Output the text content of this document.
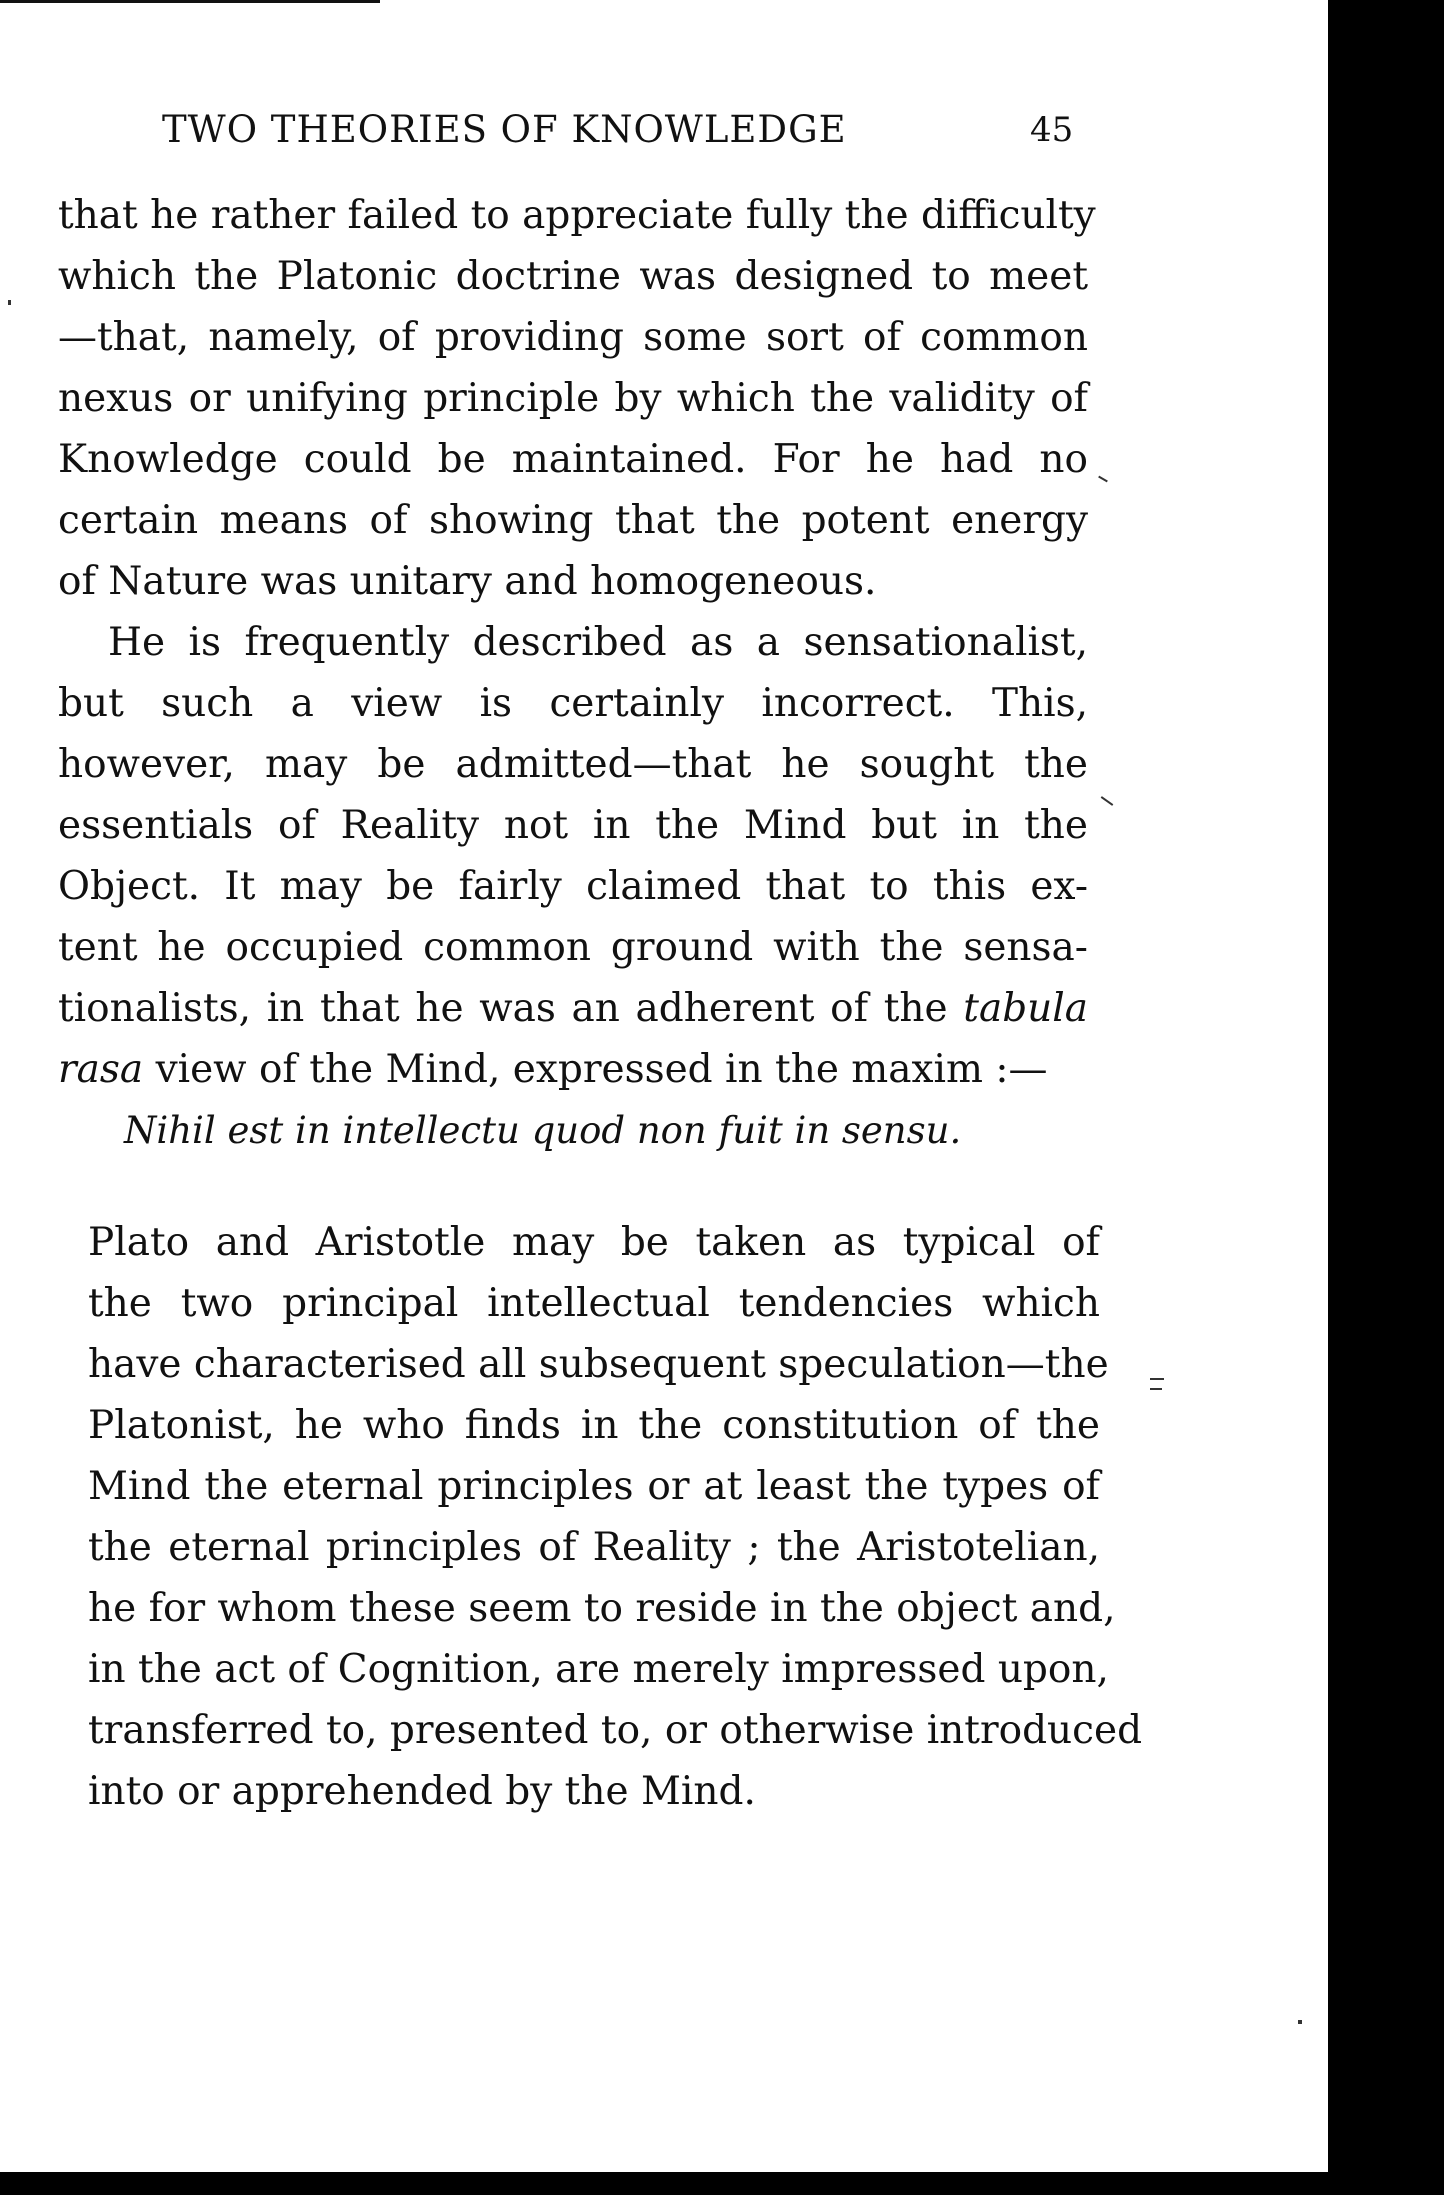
TWO THEORIES OF KNOWLEDGE	45
that he rather failed to appreciate fully the difficulty
which the Platonic doctrine was designed to meet
—that, namely, of providing some sort of common
nexus or unifying principle by which the validity of
Knowledge could be maintained. For he had no
certain means of showing that the potent energy
of Nature was unitary and homogeneous.
He is frequently described as a sensationalist,
but such a view is certainly incorrect. This,
however, may be admitted—that he sought the
essentials of Reality not in the Mind but in the
Object. It may be fairly claimed that to this ex-
tent he occupied common ground with the sensa-
tionalists, in that he was an adherent of the tabula
rasa view of the Mind, expressed in the maxim :—
Nihil est in intellectu quod non fuit in sensu.
Plato and Aristotle may be taken as typical of
the two principal intellectual tendencies which
have characterised all subsequent speculation—the
Platonist, he who finds in the constitution of the
Mind the eternal principles or at least the types of
the eternal principles of Reality ; the Aristotelian,
he for whom these seem to reside in the object and,
in the act of Cognition, are merely impressed upon,
transferred to, presented to, or otherwise introduced
into or apprehended by the Mind.
